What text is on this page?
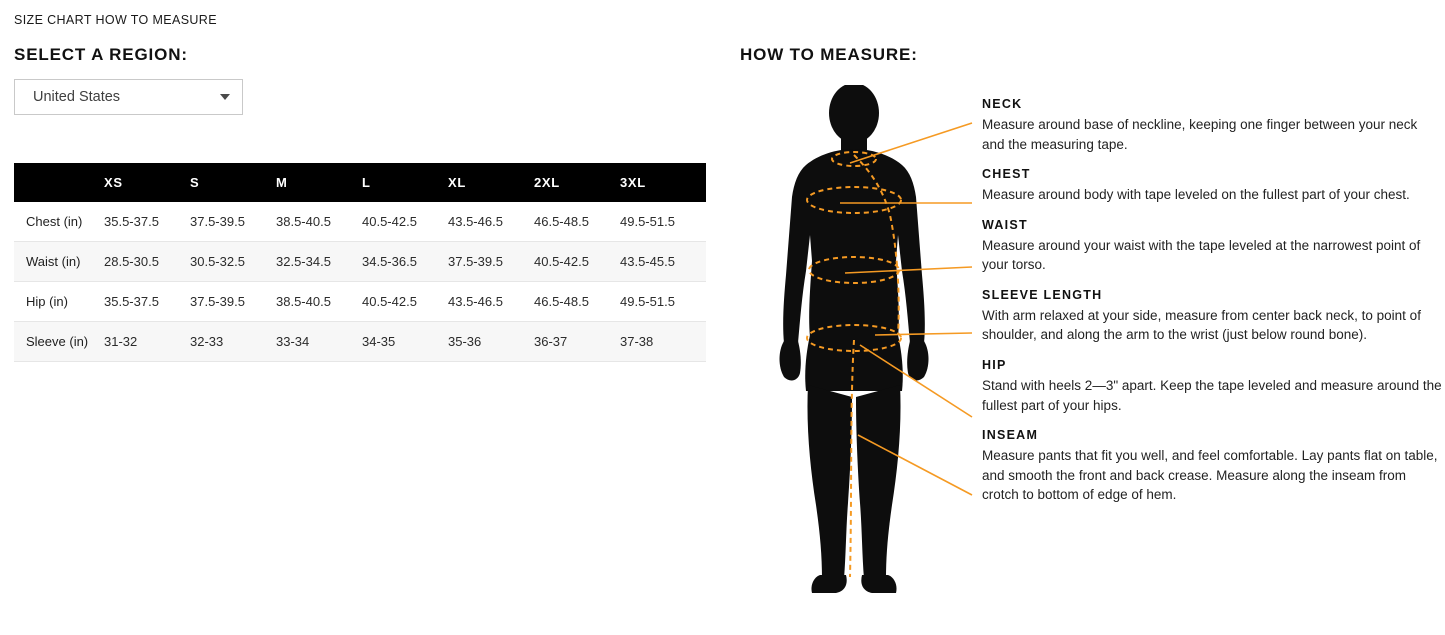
SIZE CHART HOW TO MEASURE
SELECT A REGION:
United States
	XS	S	M	L	XL	2XL	3XL
Chest (in)	35.5-37.5	37.5-39.5	38.5-40.5	40.5-42.5	43.5-46.5	46.5-48.5	49.5-51.5
Waist (in)	28.5-30.5	30.5-32.5	32.5-34.5	34.5-36.5	37.5-39.5	40.5-42.5	43.5-45.5
Hip (in)	35.5-37.5	37.5-39.5	38.5-40.5	40.5-42.5	43.5-46.5	46.5-48.5	49.5-51.5
Sleeve (in)	31-32	32-33	33-34	34-35	35-36	36-37	37-38
HOW TO MEASURE:
NECK
Measure around base of neckline, keeping one finger between your neck and the measuring tape.
CHEST
Measure around body with tape leveled on the fullest part of your chest.
WAIST
Measure around your waist with the tape leveled at the narrowest point of your torso.
SLEEVE LENGTH
With arm relaxed at your side, measure from center back neck, to point of shoulder, and along the arm to the wrist (just below round bone).
HIP
Stand with heels 2—3" apart. Keep the tape leveled and measure around the fullest part of your hips.
INSEAM
Measure pants that fit you well, and feel comfortable. Lay pants flat on table, and smooth the front and back crease. Measure along the inseam from crotch to bottom of edge of hem.
